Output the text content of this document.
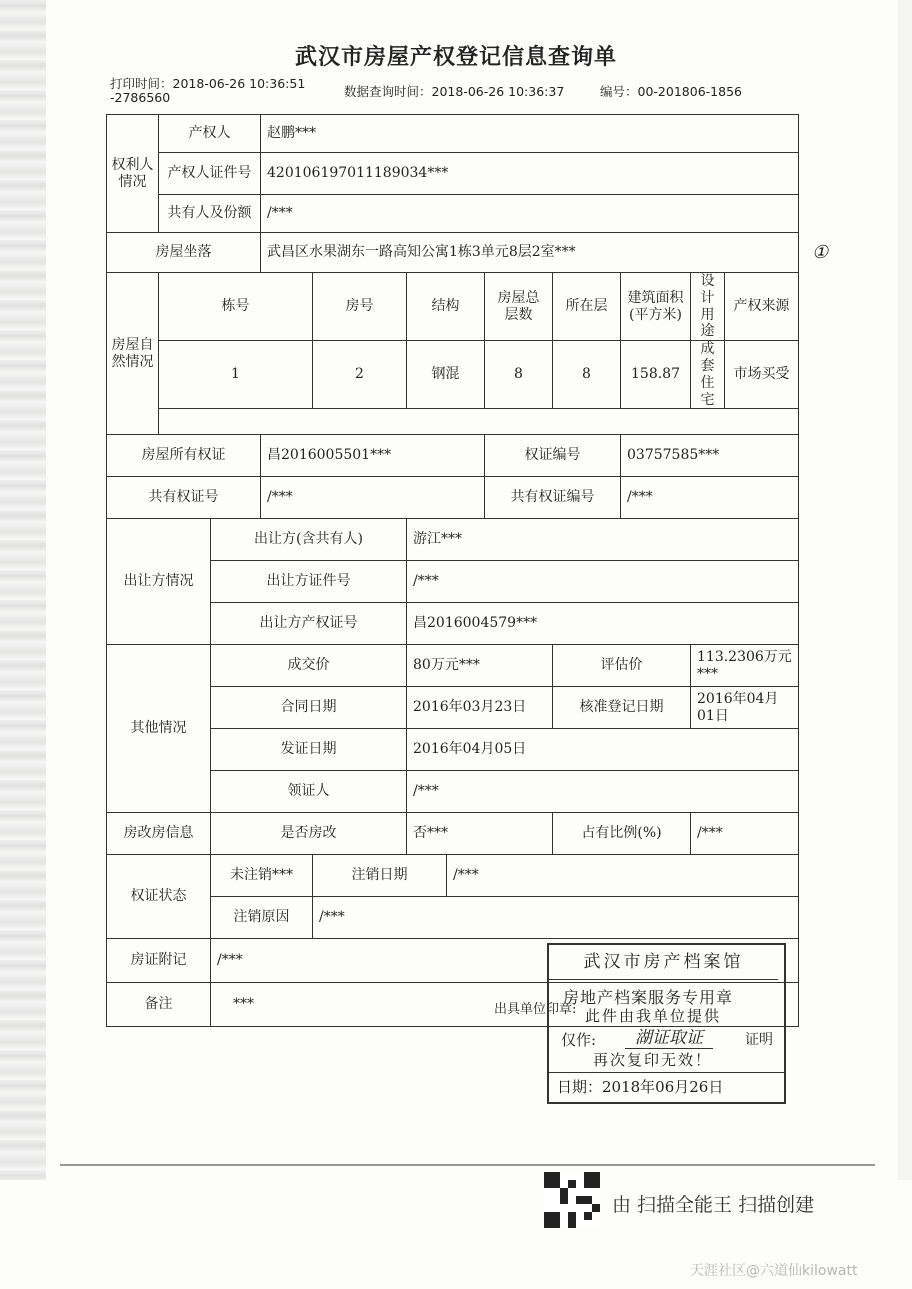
武汉市房屋产权登记信息查询单
打印时间：2018-06-26 10:36:51
-2786560	数据查询时间：2018-06-26 10:36:37	编号：00-201806-1856
①
权利人情况	产权人		赵鹏***								
	产权人证件号		420106197011189034***								
	共有人及份额		/***								
房屋坐落			武昌区水果湖东一路高知公寓1栋3单元8层2室***								
房屋自然情况	栋号			房号	结构		房屋总层数	所在层	建筑面积(平方米)	设计用途	产权来源
	1			2	钢混		8	8	158.87	成套住宅	市场买受

房屋所有权证			昌2016005501***				权证编号		03757585***		
共有权证号			/***				共有权证编号		/***		
出让方情况		出让方(含共有人)			游江***						
		出让方证件号			/***						
		出让方产权证号			昌2016004579***						
其他情况		成交价			80万元***			评估价		113.2306万元***	
		合同日期			2016年03月23日			核准登记日期		2016年04月01日	
		发证日期			2016年04月05日						
		领证人			/***						
房改房信息		是否房改			否***			占有比例(%)		/***	
权证状态		未注销***		注销日期		/***					
		注销原因		/***							
房证附记		/***									
备注		***										出具单位印章:
武汉市房产档案馆
房地产档案服务专用章
此件由我单位提供
仅作:	湖证取证	证明
再次复印无效！
日期：2018年06月26日
由 扫描全能王 扫描创建
天涯社区@六道仙kilowatt
